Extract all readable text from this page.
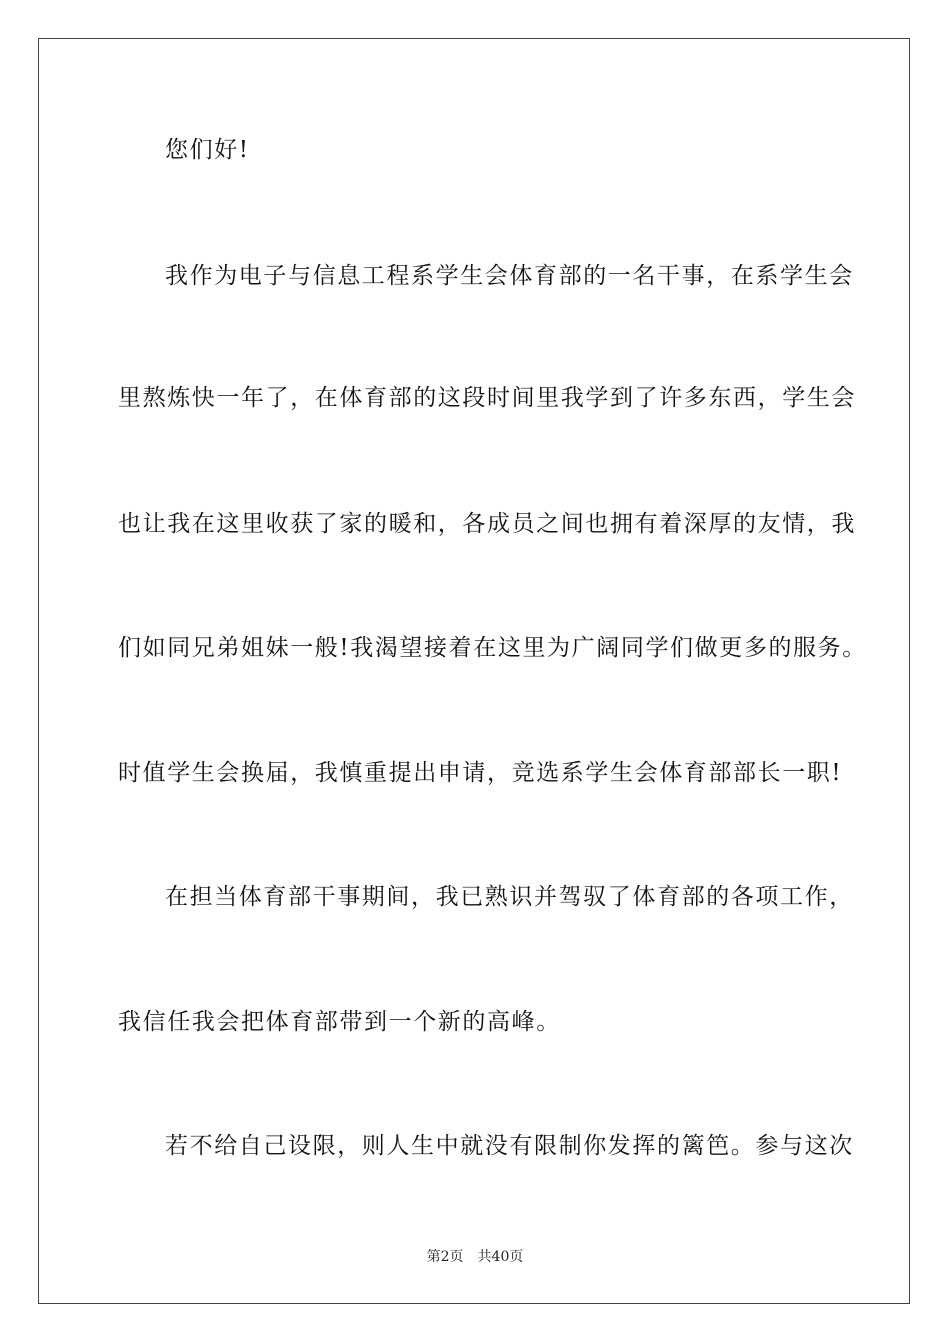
您们好!
我作为电子与信息工程系学生会体育部的一名干事，在系学生会
里熬炼快一年了，在体育部的这段时间里我学到了许多东西，学生会
也让我在这里收获了家的暖和，各成员之间也拥有着深厚的友情，我
们如同兄弟姐妹一般!我渴望接着在这里为广阔同学们做更多的服务。
时值学生会换届，我慎重提出申请，竞选系学生会体育部部长一职!
在担当体育部干事期间，我已熟识并驾驭了体育部的各项工作，
我信任我会把体育部带到一个新的高峰。
若不给自己设限，则人生中就没有限制你发挥的篱笆。参与这次
第2页 共40页
